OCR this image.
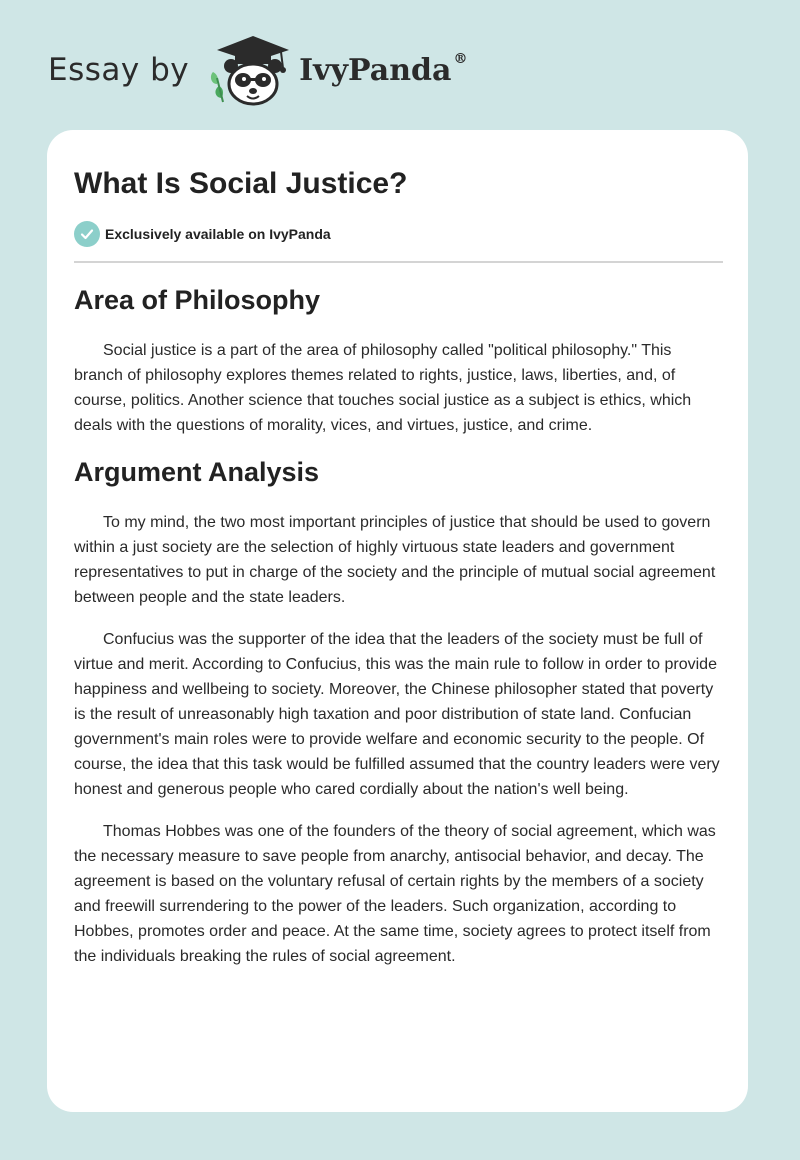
Essay by	IvyPanda ®
What Is Social Justice?
Exclusively available on IvyPanda
Area of Philosophy

Social justice is a part of the area of philosophy called "political philosophy." This branch of philosophy explores themes related to rights, justice, laws, liberties, and, of course, politics. Another science that touches social justice as a subject is ethics, which deals with the questions of morality, vices, and virtues, justice, and crime.

Argument Analysis

To my mind, the two most important principles of justice that should be used to govern within a just society are the selection of highly virtuous state leaders and government representatives to put in charge of the society and the principle of mutual social agreement between people and the state leaders.

Confucius was the supporter of the idea that the leaders of the society must be full of virtue and merit. According to Confucius, this was the main rule to follow in order to provide happiness and wellbeing to society. Moreover, the Chinese philosopher stated that poverty is the result of unreasonably high taxation and poor distribution of state land. Confucian government's main roles were to provide welfare and economic security to the people. Of course, the idea that this task would be fulfilled assumed that the country leaders were very honest and generous people who cared cordially about the nation's well being.

Thomas Hobbes was one of the founders of the theory of social agreement, which was the necessary measure to save people from anarchy, antisocial behavior, and decay. The agreement is based on the voluntary refusal of certain rights by the members of a society and freewill surrendering to the power of the leaders. Such organization, according to Hobbes, promotes order and peace. At the same time, society agrees to protect itself from the individuals breaking the rules of social agreement.
